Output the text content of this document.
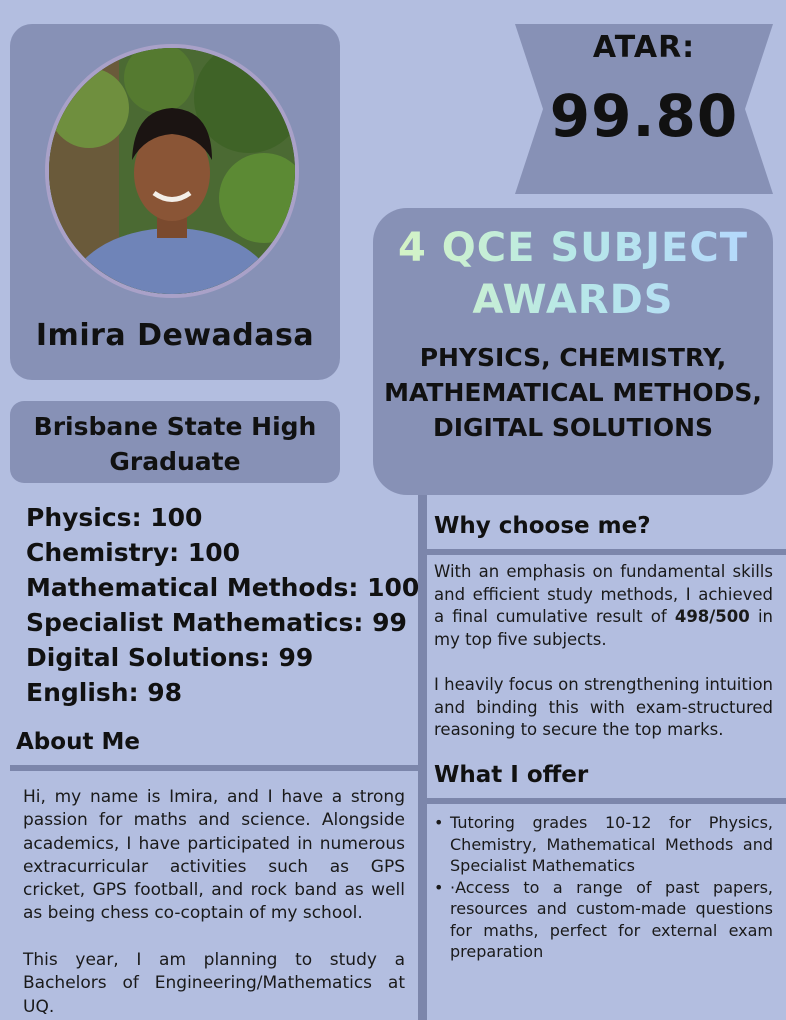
Imira Dewadasa
Brisbane State High Graduate
ATAR:
99.80
4 QCE SUBJECT AWARDS
PHYSICS, CHEMISTRY, MATHEMATICAL METHODS, DIGITAL SOLUTIONS
Physics: 100
Chemistry: 100
Mathematical Methods: 100
Specialist Mathematics: 99
Digital Solutions: 99
English: 98
About Me
Hi, my name is Imira, and I have a strong passion for maths and science. Alongside academics, I have participated in numerous extracurricular activities such as GPS cricket, GPS football, and rock band as well as being chess co-coptain of my school.
This year, I am planning to study a Bachelors of Engineering/Mathematics at UQ.
Why choose me?
With an emphasis on fundamental skills and efficient study methods, I achieved a final cumulative result of 498/500 in my top five subjects.
I heavily focus on strengthening intuition and binding this with exam-structured reasoning to secure the top marks.
What I offer
• Tutoring grades 10-12 for Physics, Chemistry, Mathematical Methods and Specialist Mathematics
• ·Access to a range of past papers, resources and custom-made questions for maths, perfect for external exam preparation
